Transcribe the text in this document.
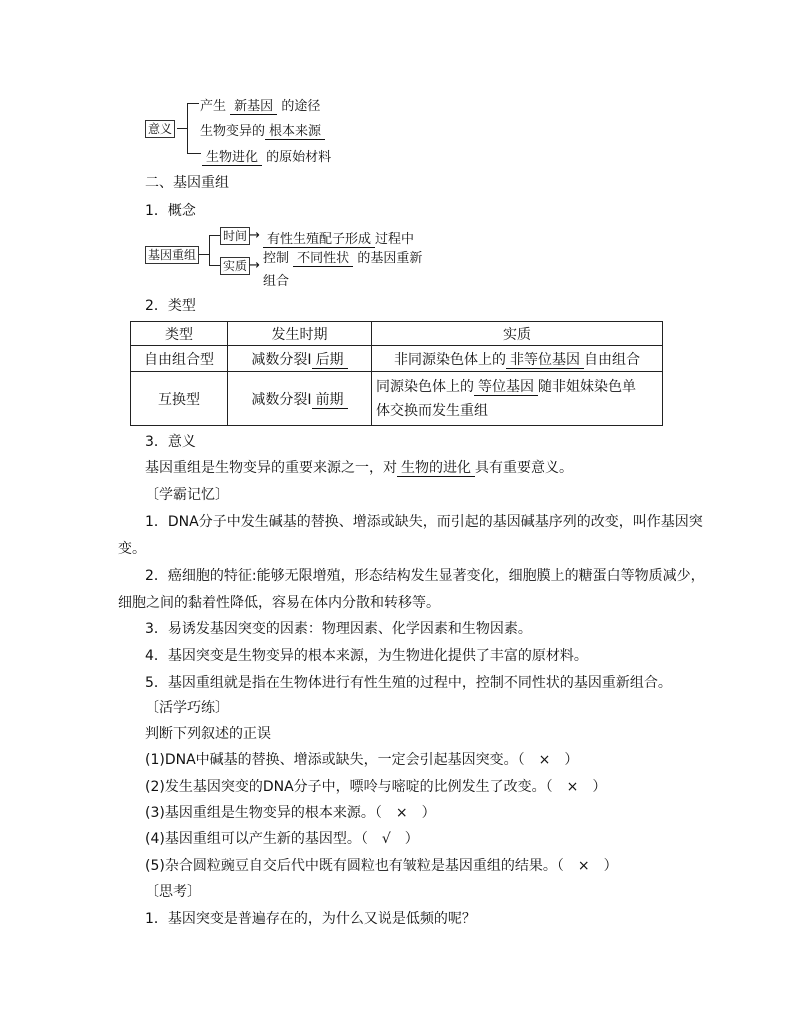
意义
产生 新基因 的途径
生物变异的 根本来源
生物进化 的原始材料
二、基因重组
1．概念
基因重组
时间 → 有性生殖配子形成 过程中
实质 → 控制 不同性状 的基因重新
组合
2．类型
类型	发生时期	实质
自由组合型	减数分裂Ⅰ 后期	非同源染色体上的 非等位基因 自由组合
互换型	减数分裂Ⅰ 前期	同源染色体上的 等位基因 随非姐妹染色单
体交换而发生重组
3．意义
基因重组是生物变异的重要来源之一，对 生物的进化 具有重要意义。
〔学霸记忆〕
1．DNA分子中发生碱基的替换、增添或缺失，而引起的基因碱基序列的改变，叫作基因突
变。
2．癌细胞的特征:能够无限增殖，形态结构发生显著变化，细胞膜上的糖蛋白等物质减少，
细胞之间的黏着性降低，容易在体内分散和转移等。
3．易诱发基因突变的因素：物理因素、化学因素和生物因素。
4．基因突变是生物变异的根本来源，为生物进化提供了丰富的原材料。
5．基因重组就是指在生物体进行有性生殖的过程中，控制不同性状的基因重新组合。
〔活学巧练〕
判断下列叙述的正误
(1)DNA中碱基的替换、增添或缺失，一定会引起基因突变。（　×　）
(2)发生基因突变的DNA分子中，嘌呤与嘧啶的比例发生了改变。（　×　）
(3)基因重组是生物变异的根本来源。（　×　）
(4)基因重组可以产生新的基因型。（　√　）
(5)杂合圆粒豌豆自交后代中既有圆粒也有皱粒是基因重组的结果。（　×　）
〔思考〕
1．基因突变是普遍存在的，为什么又说是低频的呢？
